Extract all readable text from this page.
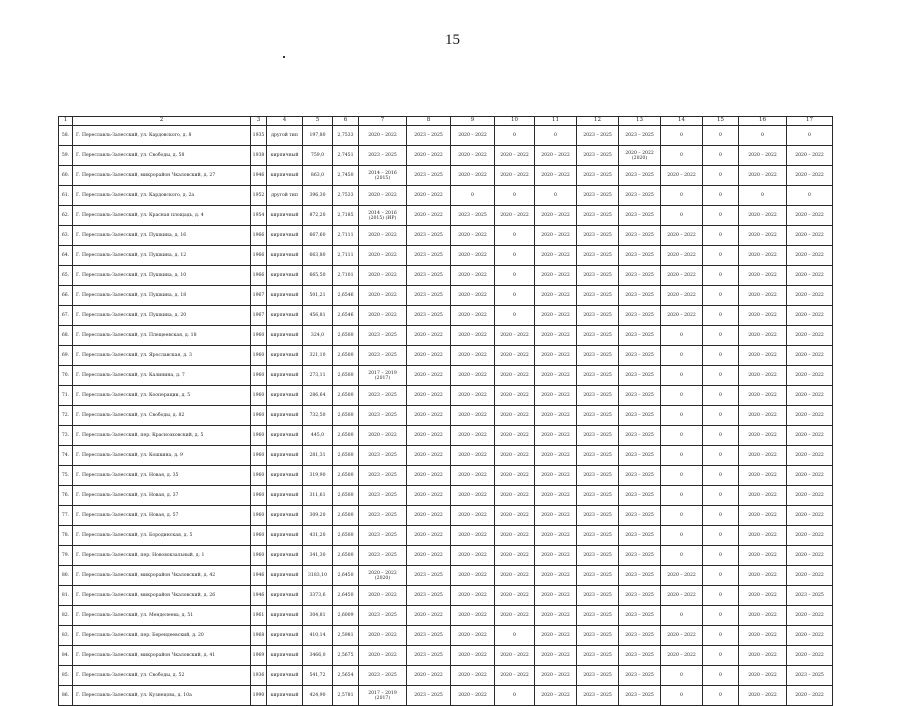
15
1	2	3	4	5	6	7	8	9	10	11	12	13	14	15	16	17
58.	Г. Переславль-Залесский, ул. Кардовского, д. 8	1935	другой тип	197,80	2,7533	2020 – 2022	2023 – 2025	2020 – 2022	0	0	2023 – 2025	2023 – 2025	0	0	0	0
59.	Г. Переславль-Залесский, ул. Свободы, д. 58	1938	кирпичный	759,0	2,7451	2023 – 2025	2020 – 2022	2020 – 2022	2020 – 2022	2020 – 2022	2023 – 2025	2020 – 2022 (2020)	0	0	2020 – 2022	2020 – 2022
60.	Г. Переславль-Залесский, микрорайон Чкаловский, д. 27	1946	кирпичный	863,0	2,7450	2014 – 2016 (2015)	2023 – 2025	2020 – 2022	2020 – 2022	2020 – 2022	2023 – 2025	2023 – 2025	2020 – 2022	0	2020 – 2022	2020 – 2022
61.	Г. Переславль-Залесский, ул. Кардовского, д. 2а	1952	другой тип	396,30	2,7533	2020 – 2022	2020 – 2022	0	0	0	2023 – 2025	2023 – 2025	0	0	0	0
62.	Г. Переславль-Залесский, ул. Красная площадь, д. 4	1954	кирпичный	872,20	2,7185	2014 – 2016 (2015) (ИР)	2020 – 2022	2023 – 2025	2020 – 2022	2020 – 2022	2023 – 2025	2023 – 2025	0	0	2020 – 2022	2020 – 2022
63.	Г. Переславль-Залесский, ул. Пушкина, д. 16	1966	кирпичный	667,60	2,7111	2020 – 2022	2023 – 2025	2020 – 2022	0	2020 – 2022	2023 – 2025	2023 – 2025	2020 – 2022	0	2020 – 2022	2020 – 2022
64.	Г. Переславль-Залесский, ул. Пушкина, д. 12	1966	кирпичный	663,80	2,7111	2020 – 2022	2023 – 2025	2020 – 2022	0	2020 – 2022	2023 – 2025	2023 – 2025	2020 – 2022	0	2020 – 2022	2020 – 2022
65.	Г. Переславль-Залесский, ул. Пушкина, д. 10	1966	кирпичный	665,50	2,7101	2020 – 2022	2023 – 2025	2020 – 2022	0	2020 – 2022	2023 – 2025	2023 – 2025	2020 – 2022	0	2020 – 2022	2020 – 2022
66.	Г. Переславль-Залесский, ул. Пушкина, д. 18	1967	кирпичный	501,21	2,6546	2020 – 2022	2023 – 2025	2020 – 2022	0	2020 – 2022	2023 – 2025	2023 – 2025	2020 – 2022	0	2020 – 2022	2020 – 2022
67.	Г. Переславль-Залесский, ул. Пушкина, д. 20	1967	кирпичный	456,81	2,6546	2020 – 2022	2023 – 2025	2020 – 2022	0	2020 – 2022	2023 – 2025	2023 – 2025	2020 – 2022	0	2020 – 2022	2020 – 2022
68.	Г. Переславль-Залесский, ул. Плещеевская, д. 18	1960	кирпичный	324,0	2,6500	2023 – 2025	2020 – 2022	2020 – 2022	2020 – 2022	2020 – 2022	2023 – 2025	2023 – 2025	0	0	2020 – 2022	2020 – 2022
69.	Г. Переславль-Залесский, ул. Ярославская, д. 3	1960	кирпичный	321,10	2,6500	2023 – 2025	2020 – 2022	2020 – 2022	2020 – 2022	2020 – 2022	2023 – 2025	2023 – 2025	0	0	2020 – 2022	2020 – 2022
70.	Г. Переславль-Залесский, ул. Калинина, д. 7	1960	кирпичный	273,11	2,6500	2017 – 2019 (2017)	2020 – 2022	2020 – 2022	2020 – 2022	2020 – 2022	2023 – 2025	2023 – 2025	0	0	2020 – 2022	2020 – 2022
71.	Г. Переславль-Залесский, ул. Кооперации, д. 5	1960	кирпичный	286,64	2,6500	2023 – 2025	2020 – 2022	2020 – 2022	2020 – 2022	2020 – 2022	2023 – 2025	2023 – 2025	0	0	2020 – 2022	2020 – 2022
72.	Г. Переславль-Залесский, ул. Свободы, д. 82	1960	кирпичный	732,50	2,6500	2023 – 2025	2020 – 2022	2020 – 2022	2020 – 2022	2020 – 2022	2023 – 2025	2023 – 2025	0	0	2020 – 2022	2020 – 2022
73.	Г. Переславль-Залесский, пер. Красноэховский, д. 5	1960	кирпичный	445,0	2,6500	2020 – 2022	2020 – 2022	2020 – 2022	2020 – 2022	2020 – 2022	2023 – 2025	2023 – 2025	0	0	2020 – 2022	2020 – 2022
74.	Г. Переславль-Залесский, ул. Кошкина, д. 9	1960	кирпичный	281,31	2,6500	2023 – 2025	2020 – 2022	2020 – 2022	2020 – 2022	2020 – 2022	2023 – 2025	2023 – 2025	0	0	2020 – 2022	2020 – 2022
75.	Г. Переславль-Залесский, ул. Новая, д. 35	1960	кирпичный	319,90	2,6500	2023 – 2025	2020 – 2022	2020 – 2022	2020 – 2022	2020 – 2022	2023 – 2025	2023 – 2025	0	0	2020 – 2022	2020 – 2022
76.	Г. Переславль-Залесский, ул. Новая, д. 37	1960	кирпичный	311,61	2,6500	2023 – 2025	2020 – 2022	2020 – 2022	2020 – 2022	2020 – 2022	2023 – 2025	2023 – 2025	0	0	2020 – 2022	2020 – 2022
77.	Г. Переславль-Залесский, ул. Новая, д. 57	1960	кирпичный	309,20	2,6500	2023 – 2025	2020 – 2022	2020 – 2022	2020 – 2022	2020 – 2022	2023 – 2025	2023 – 2025	0	0	2020 – 2022	2020 – 2022
78.	Г. Переславль-Залесский, ул. Бородинская, д. 5	1960	кирпичный	431,20	2,6500	2023 – 2025	2020 – 2022	2020 – 2022	2020 – 2022	2020 – 2022	2023 – 2025	2023 – 2025	0	0	2020 – 2022	2020 – 2022
79.	Г. Переславль-Залесский, пер. Нововокзальный, д. 1	1960	кирпичный	341,30	2,6500	2023 – 2025	2020 – 2022	2020 – 2022	2020 – 2022	2020 – 2022	2023 – 2025	2023 – 2025	0	0	2020 – 2022	2020 – 2022
80.	Г. Переславль-Залесский, микрорайон Чкаловский, д. 42	1946	кирпичный	3183,10	2,6450	2020 – 2022 (2020)	2023 – 2025	2020 – 2022	2020 – 2022	2020 – 2022	2023 – 2025	2023 – 2025	2020 – 2022	0	2020 – 2022	2020 – 2022
81.	Г. Переславль-Залесский, микрорайон Чкаловский, д. 26	1946	кирпичный	3373,6	2,6450	2020 – 2022	2023 – 2025	2020 – 2022	2020 – 2022	2020 – 2022	2023 – 2025	2023 – 2025	2020 – 2022	0	2020 – 2022	2023 – 2025
82.	Г. Переславль-Залесский, ул. Менделеева, д. 51	1961	кирпичный	304,81	2,6009	2023 – 2025	2020 – 2022	2020 – 2022	2020 – 2022	2020 – 2022	2023 – 2025	2023 – 2025	0	0	2020 – 2022	2020 – 2022
83.	Г. Переславль-Залесский, пер. Берендеевский, д. 20	1968	кирпичный	410,14	2,5981	2020 – 2022	2023 – 2025	2020 – 2022	0	2020 – 2022	2023 – 2025	2023 – 2025	2020 – 2022	0	2020 – 2022	2020 – 2022
84.	Г. Переславль-Залесский, микрорайон Чкаловский, д. 41	1969	кирпичный	3466,0	2,5675	2020 – 2022	2023 – 2025	2020 – 2022	2020 – 2022	2020 – 2022	2023 – 2025	2023 – 2025	2020 – 2022	0	2020 – 2022	2020 – 2022
85.	Г. Переславль-Залесский, ул. Свободы, д. 52	1936	кирпичный	541,72	2,5654	2023 – 2025	2020 – 2022	2020 – 2022	2020 – 2022	2020 – 2022	2023 – 2025	2023 – 2025	0	0	2020 – 2022	2023 – 2025
86.	Г. Переславль-Залесский, ул. Кузнецова, д. 10а	1990	кирпичный	424,90	2,5781	2017 – 2019 (2017)	2023 – 2025	2020 – 2022	0	2020 – 2022	2023 – 2025	2023 – 2025	0	0	2020 – 2022	2020 – 2022
